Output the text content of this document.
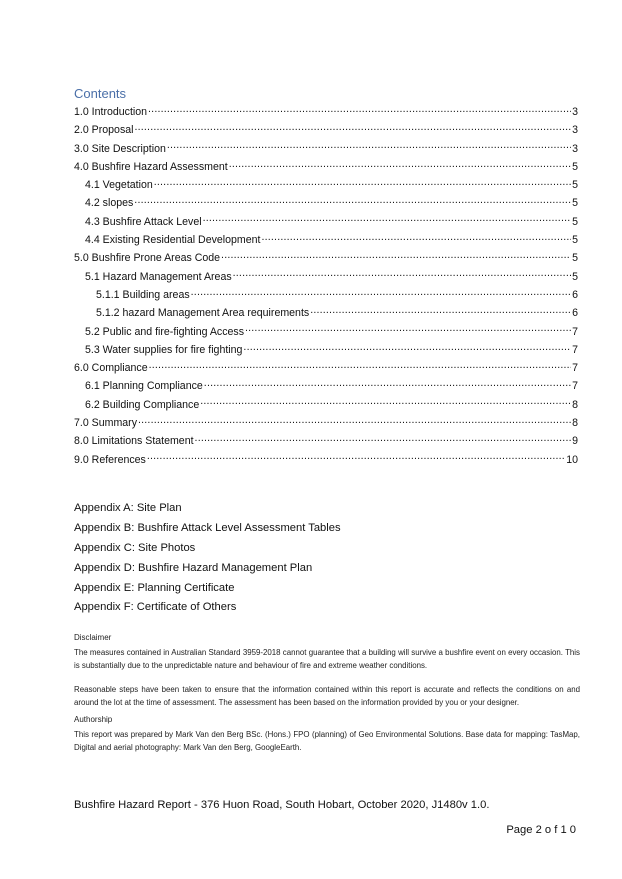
Contents
1.0 Introduction .....	3
2.0 Proposal .....	3
3.0 Site Description .....	3
4.0 Bushfire Hazard Assessment .....	5
4.1 Vegetation .....	5
4.2 slopes .....	5
4.3 Bushfire Attack Level .....	5
4.4 Existing Residential Development .....	5
5.0 Bushfire Prone Areas Code .....	5
5.1 Hazard Management Areas .....	5
5.1.1 Building areas .....	6
5.1.2 hazard Management Area requirements .....	6
5.2 Public and fire-fighting Access .....	7
5.3 Water supplies for fire fighting .....	7
6.0 Compliance .....	7
6.1 Planning Compliance .....	7
6.2 Building Compliance .....	8
7.0 Summary .....	8
8.0 Limitations Statement .....	9
9.0 References .....	10
Appendix A: Site Plan
Appendix B: Bushfire Attack Level Assessment Tables
Appendix C: Site Photos
Appendix D: Bushfire Hazard Management Plan
Appendix E: Planning Certificate
Appendix F: Certificate of Others
Disclaimer
The measures contained in Australian Standard 3959-2018 cannot guarantee that a building will survive a bushfire event on every occasion. This is substantially due to the unpredictable nature and behaviour of fire and extreme weather conditions.
Reasonable steps have been taken to ensure that the information contained within this report is accurate and reflects the conditions on and around the lot at the time of assessment. The assessment has been based on the information provided by you or your designer.
Authorship
This report was prepared by Mark Van den Berg BSc. (Hons.) FPO (planning) of Geo Environmental Solutions. Base data for mapping: TasMap, Digital and aerial photography: Mark Van den Berg, GoogleEarth.
Bushfire Hazard Report - 376 Huon Road, South Hobart, October 2020, J1480v 1.0.
Page 2 o f 1 0
